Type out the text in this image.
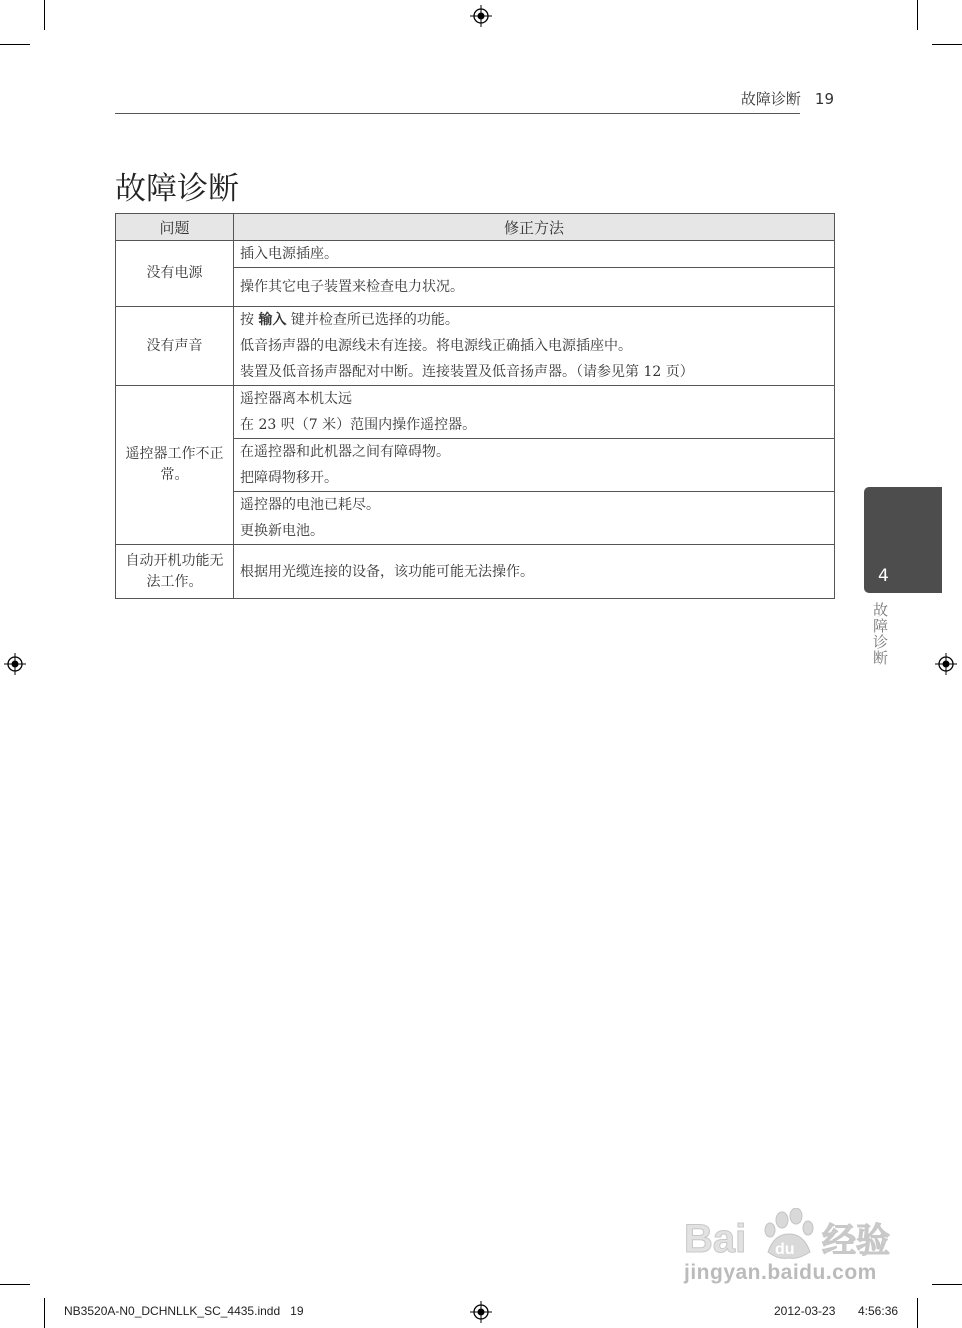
故障诊断 19
故障诊断
问题	修正方法
没有电源	插入电源插座。

	操作其它电子装置来检查电力状况。

没有声音	按 输入 键并检查所已选择的功能。
低音扬声器的电源线未有连接。将电源线正确插入电源插座中。
装置及低音扬声器配对中断。连接装置及低音扬声器。（请参见第 12 页）

遥控器工作不正常。	遥控器离本机太远
在 23 呎（7 米）范围内操作遥控器。

	在遥控器和此机器之间有障碍物。
把障碍物移开。

	遥控器的电池已耗尽。
更换新电池。

自动开机功能无法工作。	根据用光缆连接的设备，该功能可能无法操作。	4
故障诊断
NB3520A-N0_DCHNLLK_SC_4435.indd 19	2012-03-23 4:56:36
Bai du 经验
jingyan.baidu.com
